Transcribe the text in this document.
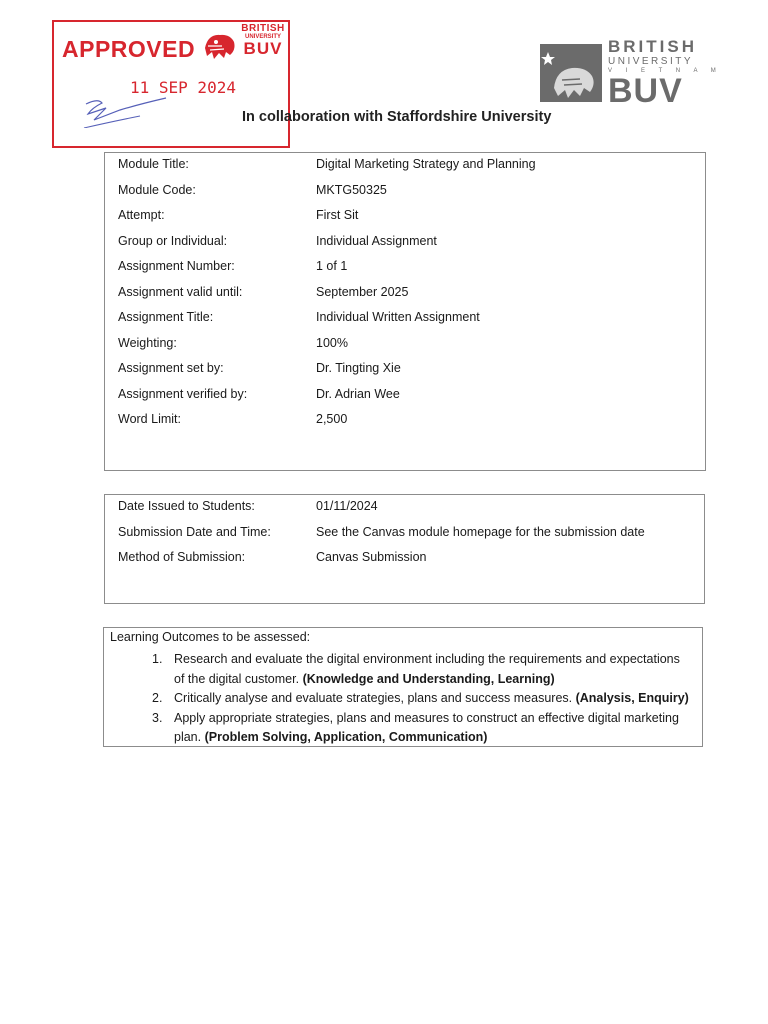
APPROVED
BRITISH
UNIVERSITY
BUV
11 SEP 2024
BRITISH
UNIVERSITY
V I E T N A M
BUV
In collaboration with Staffordshire University
Module Title:	Digital Marketing Strategy and Planning
Module Code:	MKTG50325
Attempt:	First Sit
Group or Individual:	Individual Assignment
Assignment Number:	1 of 1
Assignment valid until:	September 2025
Assignment Title:	Individual Written Assignment
Weighting:	100%
Assignment set by:	Dr. Tingting Xie
Assignment verified by:	Dr. Adrian Wee
Word Limit:	2,500
Date Issued to Students:	01/11/2024
Submission Date and Time:	See the Canvas module homepage for the submission date
Method of Submission:	Canvas Submission
Learning Outcomes to be assessed:
1. Research and evaluate the digital environment including the requirements and expectations of the digital customer. (Knowledge and Understanding, Learning)
2. Critically analyse and evaluate strategies, plans and success measures. (Analysis, Enquiry)
3. Apply appropriate strategies, plans and measures to construct an effective digital marketing plan. (Problem Solving, Application, Communication)
